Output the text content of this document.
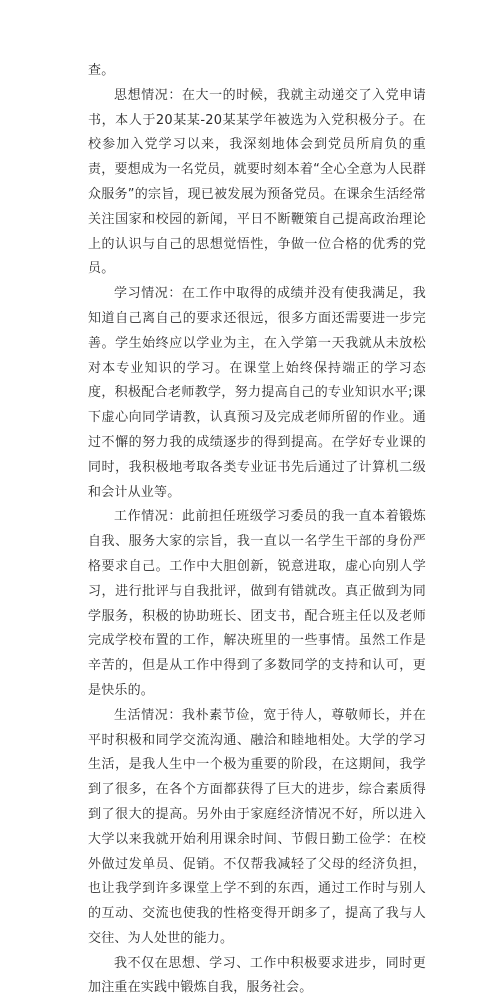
查。

思想情况：在大一的时候，我就主动递交了入党申请书，本人于20某某-20某某学年被选为入党积极分子。在校参加入党学习以来，我深刻地体会到党员所肩负的重责，要想成为一名党员，就要时刻本着“全心全意为人民群众服务”的宗旨，现已被发展为预备党员。在课余生活经常关注国家和校园的新闻，平日不断鞭策自己提高政治理论上的认识与自己的思想觉悟性，争做一位合格的优秀的党员。

学习情况：在工作中取得的成绩并没有使我满足，我知道自己离自己的要求还很远，很多方面还需要进一步完善。学生始终应以学业为主，在入学第一天我就从未放松对本专业知识的学习。在课堂上始终保持端正的学习态度，积极配合老师教学，努力提高自己的专业知识水平;课下虚心向同学请教，认真预习及完成老师所留的作业。通过不懈的努力我的成绩逐步的得到提高。在学好专业课的同时，我积极地考取各类专业证书先后通过了计算机二级和会计从业等。

工作情况：此前担任班级学习委员的我一直本着锻炼自我、服务大家的宗旨，我一直以一名学生干部的身份严格要求自己。工作中大胆创新，锐意进取，虚心向别人学习，进行批评与自我批评，做到有错就改。真正做到为同学服务，积极的协助班长、团支书，配合班主任以及老师完成学校布置的工作，解决班里的一些事情。虽然工作是辛苦的，但是从工作中得到了多数同学的支持和认可，更是快乐的。

生活情况：我朴素节俭，宽于待人，尊敬师长，并在平时积极和同学交流沟通、融洽和睦地相处。大学的学习生活，是我人生中一个极为重要的阶段，在这期间，我学到了很多，在各个方面都获得了巨大的进步，综合素质得到了很大的提高。另外由于家庭经济情况不好，所以进入大学以来我就开始利用课余时间、节假日勤工俭学：在校外做过发单员、促销。不仅帮我减轻了父母的经济负担，也让我学到许多课堂上学不到的东西，通过工作时与别人的互动、交流也使我的性格变得开朗多了，提高了我与人交往、为人处世的能力。

我不仅在思想、学习、工作中积极要求进步，同时更加注重在实践中锻炼自我，服务社会。
